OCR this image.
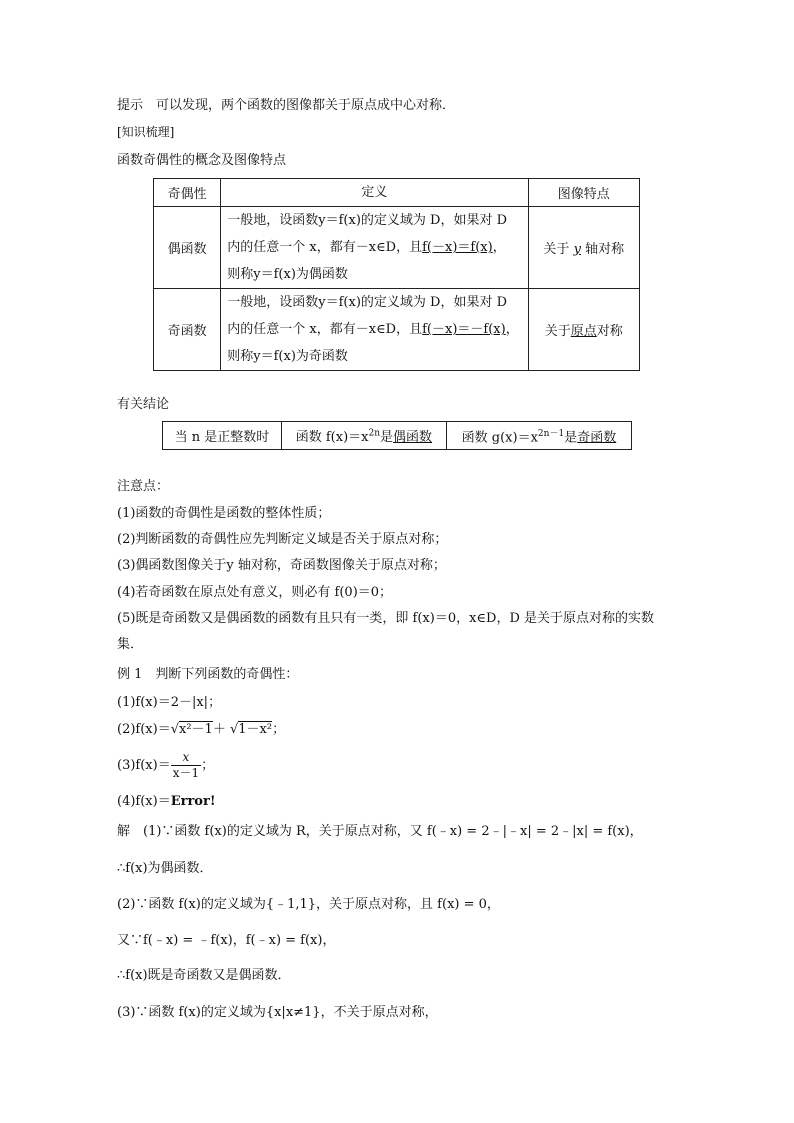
提示　可以发现，两个函数的图像都关于原点成中心对称．
[知识梳理]
函数奇偶性的概念及图像特点
奇偶性	定义	图像特点
偶函数	一般地，设函数y＝f(x)的定义域为 D，如果对 D
内的任意一个 x，都有－x∈D，且f(－x)＝f(x)，
则称y＝f(x)为偶函数	关于 y 轴对称
奇函数	一般地，设函数y＝f(x)的定义域为 D，如果对 D
内的任意一个 x，都有－x∈D，且f(－x)＝－f(x)，
则称y＝f(x)为奇函数	关于原点对称
有关结论
当 n 是正整数时	函数 $f(x)=x^{2n}$是偶函数	函数 $g(x)=x^{2n-1}$是奇函数
注意点：
(1)函数的奇偶性是函数的整体性质；
(2)判断函数的奇偶性应先判断定义域是否关于原点对称；
(3)偶函数图像关于y 轴对称，奇函数图像关于原点对称；
(4)若奇函数在原点处有意义，则必有 f(0)＝0；
(5)既是奇函数又是偶函数的函数有且只有一类，即 f(x)＝0，x∈D，D 是关于原点对称的实数
集．
例 1　判断下列函数的奇偶性：
(1)f(x)＝2－|x|；
(2)f(x)＝√x²－1＋ √1－x²；
$(3)f(x)= \frac{x}{x-1}$ ；
(4)f(x)＝Error!
解　(1)∵函数 f(x)的定义域为 R，关于原点对称，又 f(﹣x) = 2﹣|﹣x| = 2﹣|x| = f(x)，
∴f(x)为偶函数．
(2)∵函数 f(x)的定义域为{﹣1,1}，关于原点对称，且 f(x) = 0，
又∵f(﹣x) = ﹣f(x)，f(﹣x) = f(x)，
∴f(x)既是奇函数又是偶函数．
(3)∵函数 f(x)的定义域为{x|x≠1}，不关于原点对称，
